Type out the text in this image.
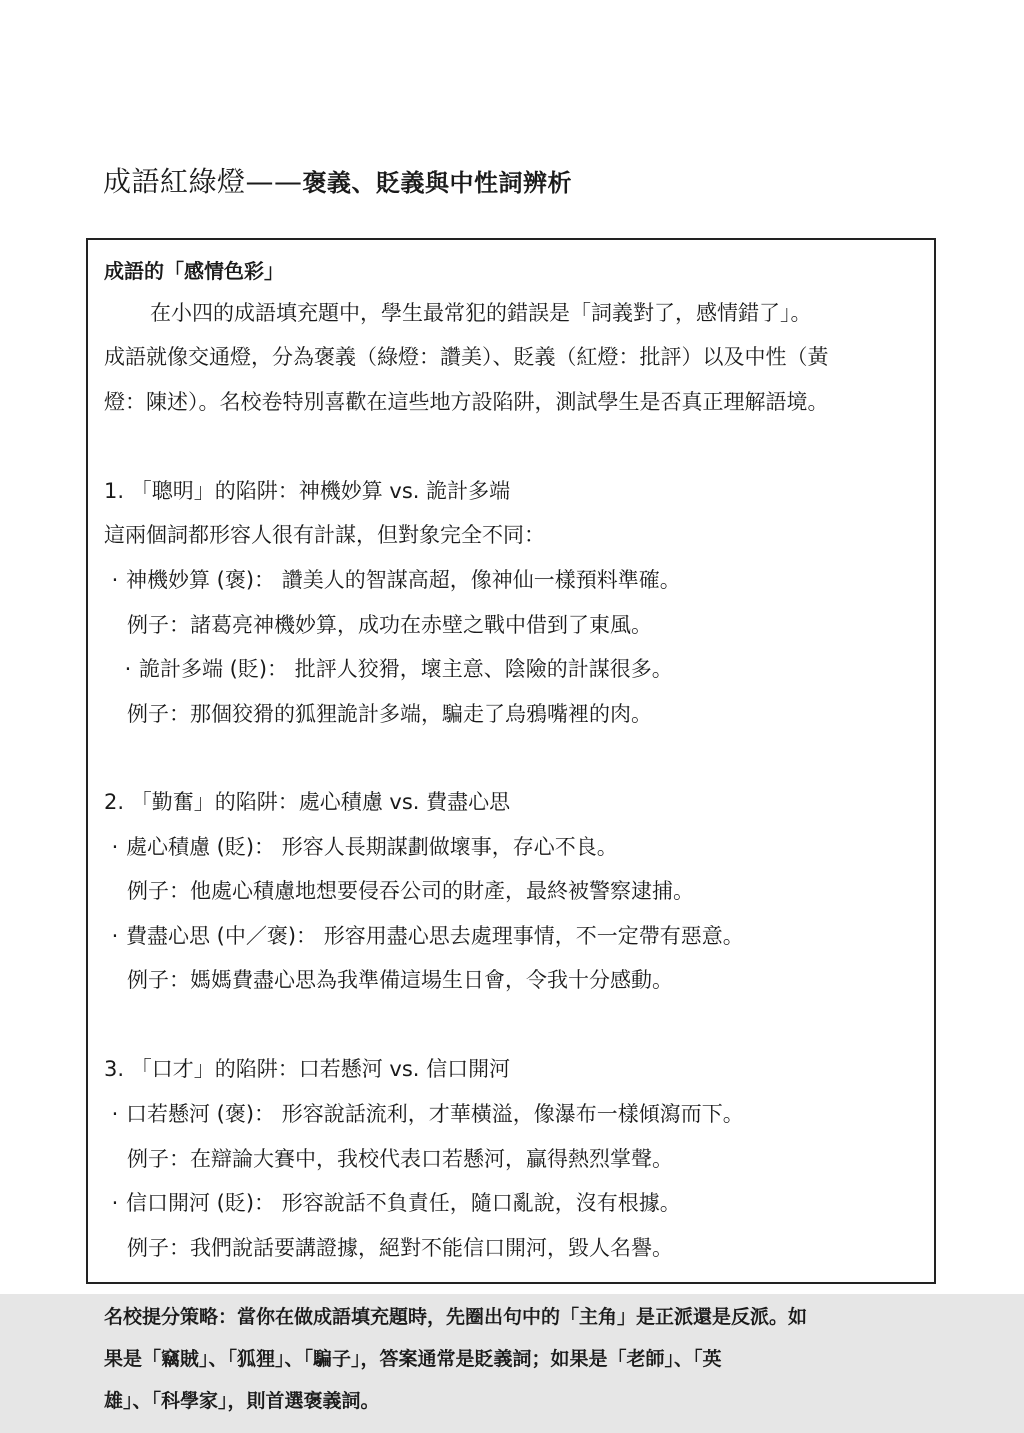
成語紅綠燈——褒義、貶義與中性詞辨析
成語的「感情色彩」
在小四的成語填充題中，學生最常犯的錯誤是「詞義對了，感情錯了」。
成語就像交通燈，分為褒義（綠燈：讚美）、貶義（紅燈：批評）以及中性（黃
燈：陳述）。名校卷特別喜歡在這些地方設陷阱，測試學生是否真正理解語境。
1. 「聰明」的陷阱：神機妙算 vs. 詭計多端
這兩個詞都形容人很有計謀，但對象完全不同：
· 神機妙算 (褒)： 讚美人的智謀高超，像神仙一樣預料準確。
例子：諸葛亮神機妙算，成功在赤壁之戰中借到了東風。
· 詭計多端 (貶)： 批評人狡猾，壞主意、陰險的計謀很多。
例子：那個狡猾的狐狸詭計多端，騙走了烏鴉嘴裡的肉。
2. 「勤奮」的陷阱：處心積慮 vs. 費盡心思
· 處心積慮 (貶)： 形容人長期謀劃做壞事，存心不良。
例子：他處心積慮地想要侵吞公司的財產，最終被警察逮捕。
· 費盡心思 (中／褒)： 形容用盡心思去處理事情，不一定帶有惡意。
例子：媽媽費盡心思為我準備這場生日會，令我十分感動。
3. 「口才」的陷阱：口若懸河 vs. 信口開河
· 口若懸河 (褒)： 形容說話流利，才華橫溢，像瀑布一樣傾瀉而下。
例子：在辯論大賽中，我校代表口若懸河，贏得熱烈掌聲。
· 信口開河 (貶)： 形容說話不負責任，隨口亂說，沒有根據。
例子：我們說話要講證據，絕對不能信口開河，毀人名譽。
名校提分策略：當你在做成語填充題時，先圈出句中的「主角」是正派還是反派。如
果是「竊賊」、「狐狸」、「騙子」，答案通常是貶義詞；如果是「老師」、「英
雄」、「科學家」，則首選褒義詞。
